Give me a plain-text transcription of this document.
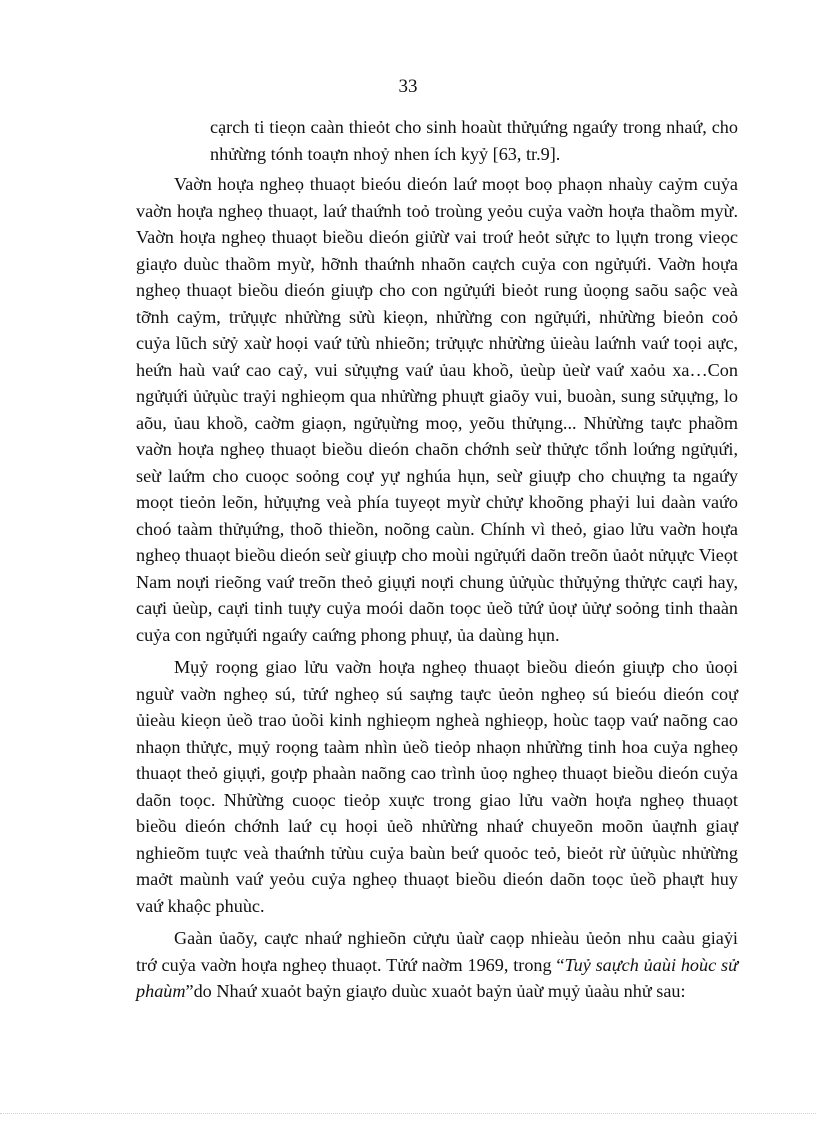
33

cạrch ti tieọn caàn thieỏt cho sinh hoaùt thửụứng ngaứy trong nhaứ, cho nhửừng tónh toaựn nhoỷ nhen ích kyỷ [63, tr.9].

Vaờn hoựa ngheọ thuaọt bieóu dieón laứ moọt boọ phaọn nhaùy caỷm cuỷa vaờn hoựa ngheọ thuaọt, laứ thaứnh toỏ troùng yeỏu cuỷa vaờn hoựa thaồm myừ. Vaờn hoựa ngheọ thuaọt bieồu dieón giửừ vai troứ heỏt sửực to lụựn trong vieọc giaựo duùc thaồm myừ, hỡnh thaứnh nhaõn caựch cuỷa con ngửụứi. Vaờn hoựa ngheọ thuaọt bieồu dieón giuựp cho con ngửụứi bieỏt rung ủoọng saõu saộc veà tỡnh caỷm, trửụực nhửừng sửù kieọn, nhửừng con ngửụứi, nhửừng bieỏn coỏ cuỷa lũch sửỷ xaừ hoọi vaứ tửù nhieõn; trửụực nhửừng ủieàu laứnh vaứ toọi aực, heứn haù vaứ cao caỷ, vui sửụựng vaứ ủau khoồ, ủeùp ủeừ vaứ xaỏu xa…Con ngửụứi ủửụùc traỷi nghieọm qua nhửừng phuựt giaõy vui, buoàn, sung sửụựng, lo aõu, ủau khoồ, caờm giaọn, ngửụừng moọ, yeõu thửụng... Nhửừng taực phaồm vaờn hoựa ngheọ thuaọt bieồu dieón chaõn chớnh seừ thửực tổnh loứng ngửụứi, seừ laứm cho cuoọc soỏng coự yự nghúa hụn, seừ giuựp cho chuựng ta ngaứy moọt tieỏn leõn, hửụựng veà phía tuyeọt myừ chửự khoõng phaỷi lui daàn vaứo choó taàm thửụứng, thoõ thieồn, noõng caùn. Chính vì theỏ, giao lửu vaờn hoựa ngheọ thuaọt bieồu dieón seừ giuựp cho moùi ngửụứi daõn treõn ủaỏt nửụực Vieọt Nam noựi rieõng vaứ treõn theỏ giụựi noựi chung ủửụùc thửụỷng thửực caựi hay, caựi ủeùp, caựi tinh tuựy cuỷa moói daõn toọc ủeồ tửứ ủoự ủửự soỏng tinh thaàn cuỷa con ngửụứi ngaứy caứng phong phuự, ủa daùng hụn.

Mụỷ roọng giao lửu vaờn hoựa ngheọ thuaọt bieồu dieón giuựp cho ủoọi nguừ vaờn ngheọ sú, tửứ ngheọ sú saựng taực ủeỏn ngheọ sú bieóu dieón coự ủieàu kieọn ủeồ trao ủoồi kinh nghieọm ngheà nghieọp, hoùc taọp vaứ naõng cao nhaọn thửực, mụỷ roọng taàm nhìn ủeồ tieỏp nhaọn nhửừng tinh hoa cuỷa ngheọ thuaọt theỏ giụựi, goựp phaàn naõng cao trình ủoọ ngheọ thuaọt bieồu dieón cuỷa daõn toọc. Nhửừng cuoọc tieỏp xuực trong giao lửu vaờn hoựa ngheọ thuaọt bieồu dieón chớnh laứ cụ hoọi ủeồ nhửừng nhaứ chuyeõn moõn ủaựnh giaự nghieõm tuực veà thaứnh tửùu cuỷa baùn beứ quoỏc teỏ, bieỏt rừ ủửụùc nhửừng maởt maùnh vaứ yeỏu cuỷa ngheọ thuaọt bieồu dieón daõn toọc ủeồ phaựt huy vaứ khaộc phuùc.

Gaàn ủaõy, caực nhaứ nghieõn cửựu ủaừ caọp nhieàu ủeỏn nhu caàu giaỷi trớ cuỷa vaờn hoựa ngheọ thuaọt. Tửứ naờm 1969, trong “Tuỷ saựch ủaùi hoùc sử phaùm”do Nhaứ xuaỏt baỷn giaựo duùc xuaỏt baỷn ủaừ mụỷ ủaàu nhử sau:
